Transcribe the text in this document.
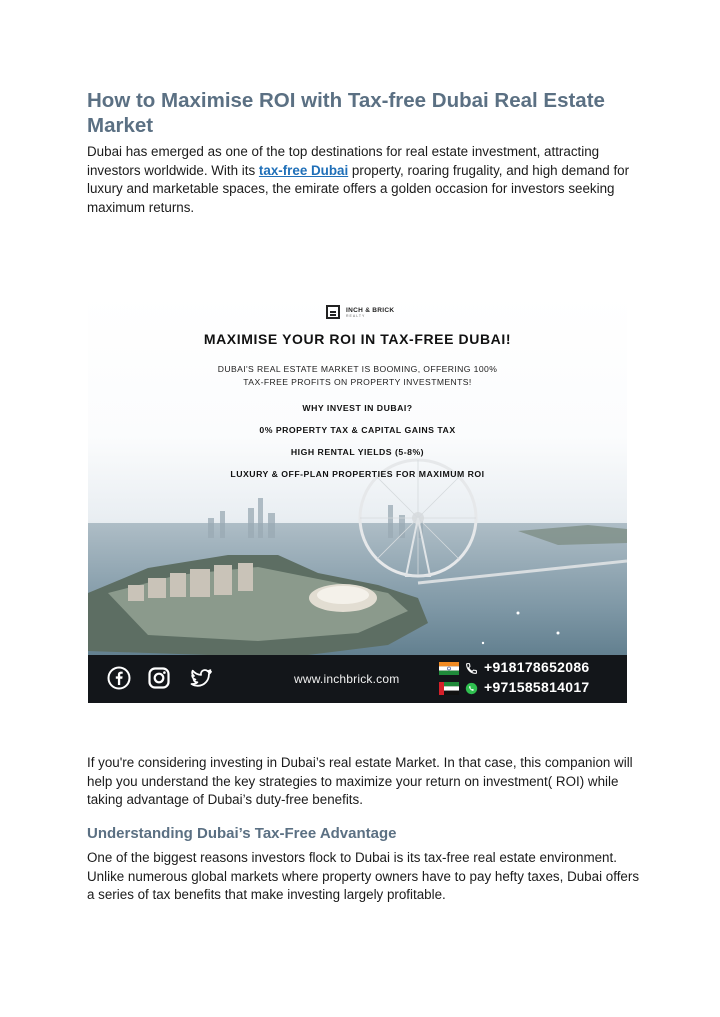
How to Maximise ROI with Tax-free Dubai Real Estate Market

Dubai has emerged as one of the top destinations for real estate investment, attracting investors worldwide. With its tax-free Dubai property, roaring frugality, and high demand for luxury and marketable spaces, the emirate offers a golden occasion for investors seeking maximum returns.

INCH & BRICK
REALTY
MAXIMISE YOUR ROI IN TAX-FREE DUBAI!
DUBAI'S REAL ESTATE MARKET IS BOOMING, OFFERING 100%
TAX-FREE PROFITS ON PROPERTY INVESTMENTS!
WHY INVEST IN DUBAI?
0% PROPERTY TAX & CAPITAL GAINS TAX
HIGH RENTAL YIELDS (5-8%)
LUXURY & OFF-PLAN PROPERTIES FOR MAXIMUM ROI
www.inchbrick.com
+918178652086
+971585814017

If you're considering investing in Dubai’s real estate Market. In that case, this companion will help you understand the key strategies to maximize your return on investment( ROI) while taking advantage of Dubai’s duty-free benefits.

Understanding Dubai’s Tax-Free Advantage

One of the biggest reasons investors flock to Dubai is its tax-free real estate environment. Unlike numerous global markets where property owners have to pay hefty taxes, Dubai offers a series of tax benefits that make investing largely profitable.
